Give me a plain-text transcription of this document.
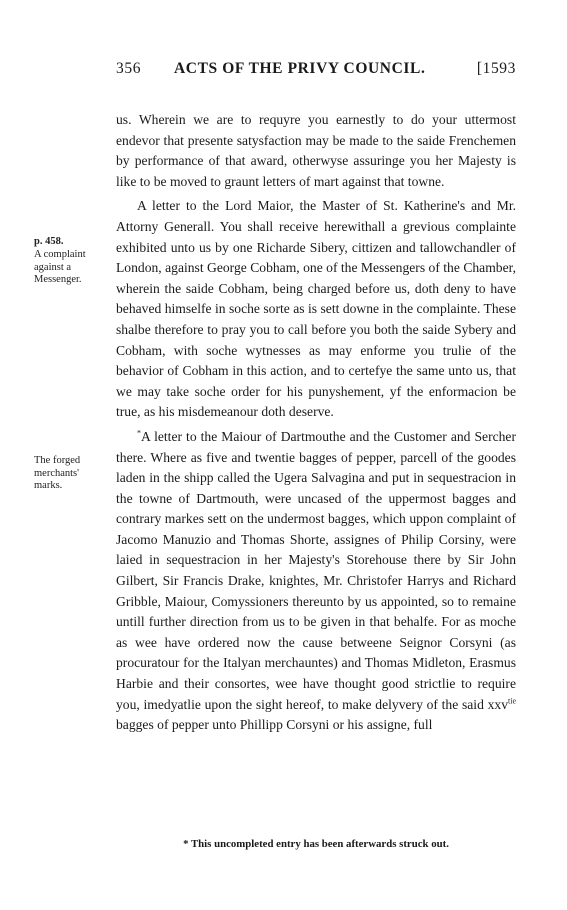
356 ACTS OF THE PRIVY COUNCIL.	[1593
p. 458.
A complaint against a Messenger.
The forged merchants' marks.

us. Wherein we are to requyre you earnestly to do your uttermost endevor that presente satysfaction may be made to the saide Frenchemen by performance of that award, otherwyse assuringe you her Majesty is like to be moved to graunt letters of mart against that towne.

A letter to the Lord Maior, the Master of St. Katherine's and Mr. Attorny Generall. You shall receive herewithall a grevious complainte exhibited unto us by one Richarde Sibery, cittizen and tallowchandler of London, against George Cobham, one of the Messengers of the Chamber, wherein the saide Cobham, being charged before us, doth deny to have behaved himselfe in soche sorte as is sett downe in the complainte. These shalbe therefore to pray you to call before you both the saide Sybery and Cobham, with soche wytnesses as may enforme you trulie of the behavior of Cobham in this action, and to certefye the same unto us, that we may take soche order for his punyshement, yf the enformacion be true, as his misdemeanour doth deserve.

*A letter to the Maiour of Dartmouthe and the Customer and Sercher there. Where as five and twentie bagges of pepper, parcell of the goodes laden in the shipp called the Ugera Salvagina and put in sequestracion in the towne of Dartmouth, were uncased of the uppermost bagges and contrary markes sett on the undermost bagges, which uppon complaint of Jacomo Manuzio and Thomas Shorte, assignes of Philip Corsiny, were laied in sequestracion in her Majesty's Storehouse there by Sir John Gilbert, Sir Francis Drake, knightes, Mr. Christofer Harrys and Richard Gribble, Maiour, Comyssioners thereunto by us appointed, so to remaine untill further direction from us to be given in that behalfe. For as moche as wee have ordered now the cause betweene Seignor Corsyni (as procuratour for the Italyan merchauntes) and Thomas Midleton, Erasmus Harbie and their consortes, wee have thought good strictlie to require you, imedyatlie upon the sight hereof, to make delyvery of the said xxv$^{tie}$ bagges of pepper unto Phillipp Corsyni or his assigne, full

* This uncompleted entry has been afterwards struck out.
